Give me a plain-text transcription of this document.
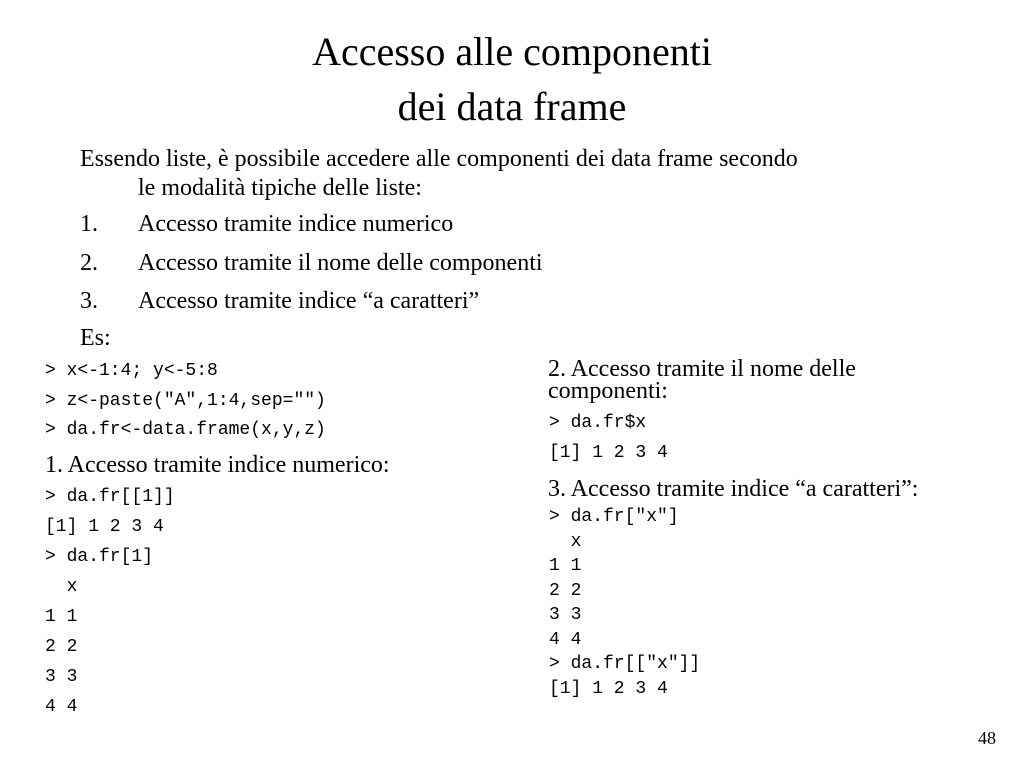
Accesso alle componenti
dei data frame
Essendo liste, è possibile accedere alle componenti dei data frame secondo
le modalità tipiche delle liste:
1. Accesso tramite indice numerico
2. Accesso tramite il nome delle componenti
3. Accesso tramite indice “a caratteri”
Es:
> x<-1:4; y<-5:8
> z<-paste("A",1:4,sep="")
> da.fr<-data.frame(x,y,z)
1. Accesso tramite indice numerico:
> da.fr[[1]]
[1] 1 2 3 4
> da.fr[1]
x
1 1
2 2
3 3
4 4
2. Accesso tramite il nome delle
componenti:
> da.fr$x
[1] 1 2 3 4
3. Accesso tramite indice “a caratteri”:
> da.fr["x"]
x
1 1
2 2
3 3
4 4
> da.fr[["x"]]
[1] 1 2 3 4
48
